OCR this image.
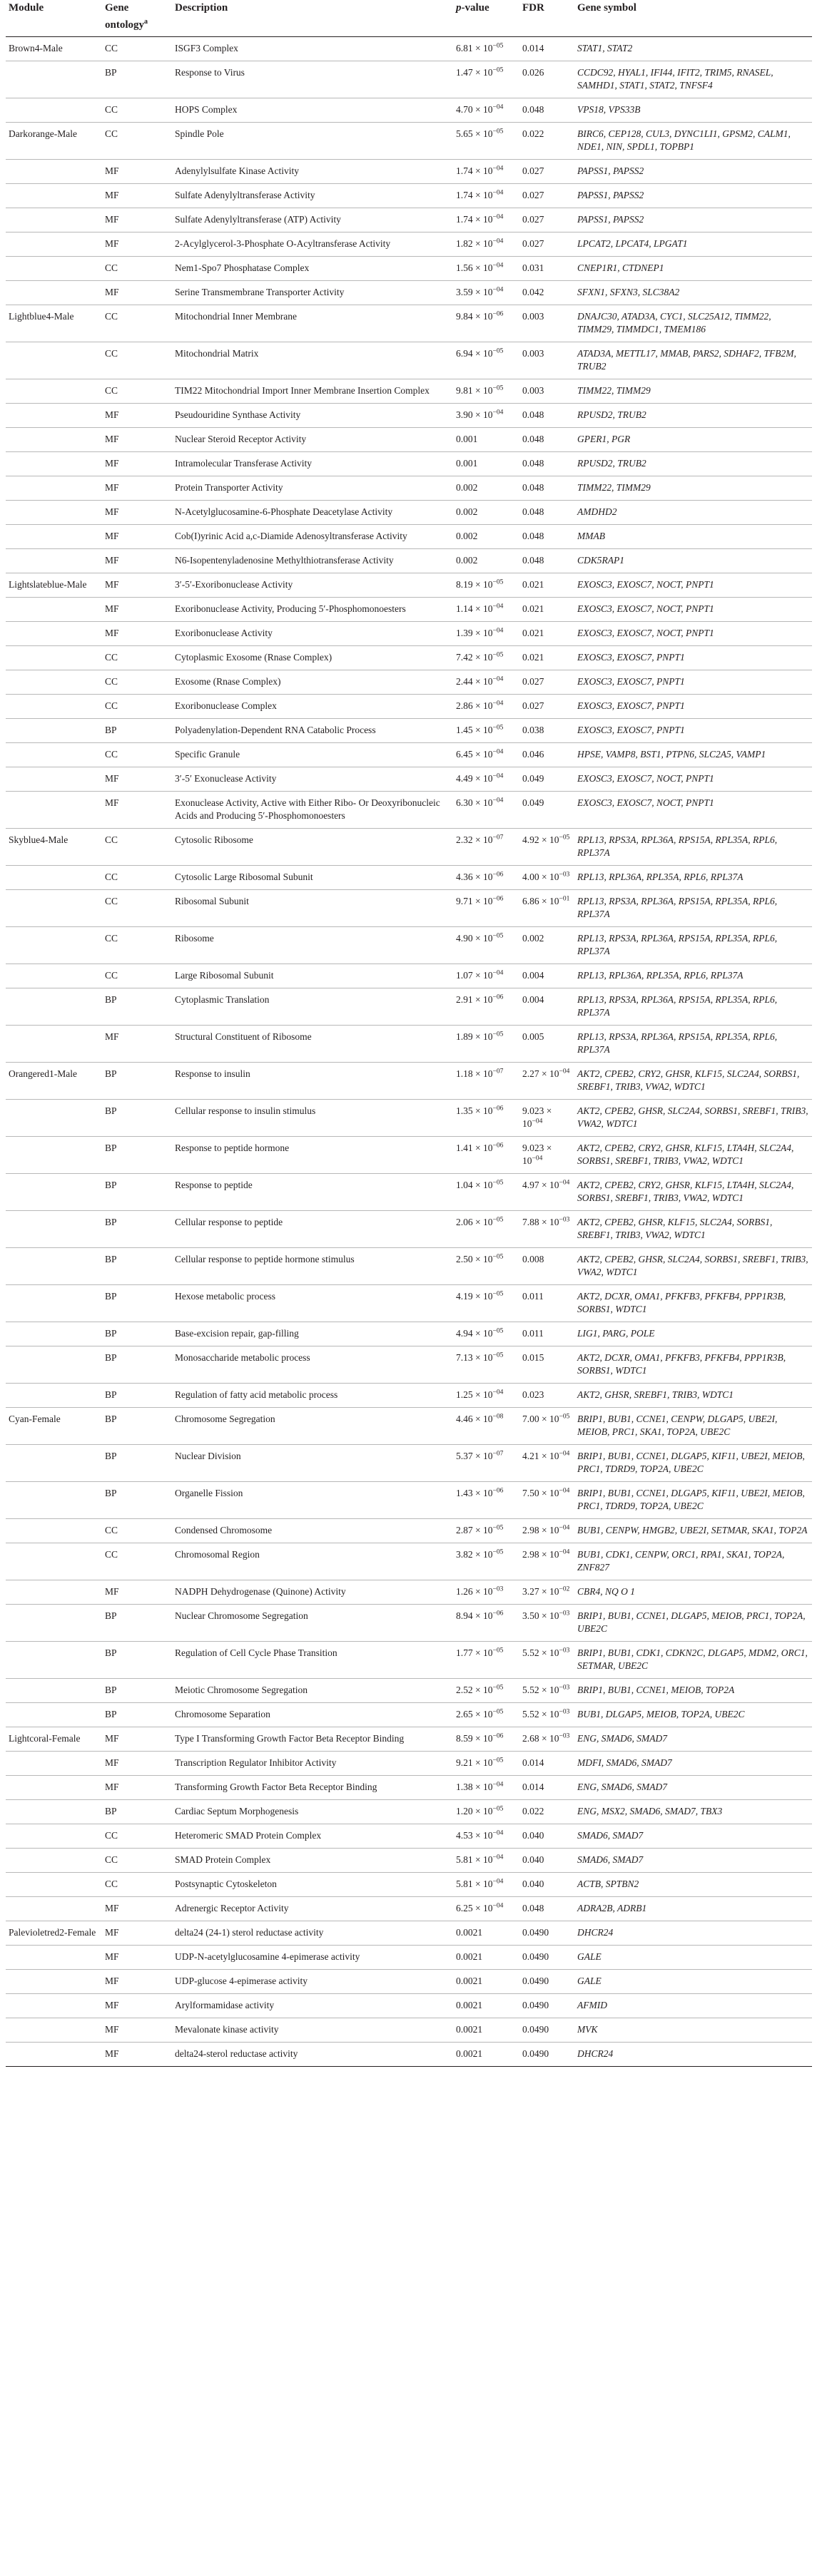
Module	Gene ontology$^a$	Description	p-value	FDR	Gene symbol
Brown4-Male	CC	ISGF3 Complex	$6.81 \times 10^{-05}$	0.014	STAT1, STAT2
	BP	Response to Virus	$1.47 \times 10^{-05}$	0.026	CCDC92, HYAL1, IFI44, IFIT2, TRIM5, RNASEL, SAMHD1, STAT1, STAT2, TNFSF4
	CC	HOPS Complex	$4.70 \times 10^{-04}$	0.048	VPS18, VPS33B
Darkorange-Male	CC	Spindle Pole	$5.65 \times 10^{-05}$	0.022	BIRC6, CEP128, CUL3, DYNC1LI1, GPSM2, CALM1, NDE1, NIN, SPDL1, TOPBP1
	MF	Adenylylsulfate Kinase Activity	$1.74 \times 10^{-04}$	0.027	PAPSS1, PAPSS2
	MF	Sulfate Adenylyltransferase Activity	$1.74 \times 10^{-04}$	0.027	PAPSS1, PAPSS2
	MF	Sulfate Adenylyltransferase (ATP) Activity	$1.74 \times 10^{-04}$	0.027	PAPSS1, PAPSS2
	MF	2-Acylglycerol-3-Phosphate O-Acyltransferase Activity	$1.82 \times 10^{-04}$	0.027	LPCAT2, LPCAT4, LPGAT1
	CC	Nem1-Spo7 Phosphatase Complex	$1.56 \times 10^{-04}$	0.031	CNEP1R1, CTDNEP1
	MF	Serine Transmembrane Transporter Activity	$3.59 \times 10^{-04}$	0.042	SFXN1, SFXN3, SLC38A2
Lightblue4-Male	CC	Mitochondrial Inner Membrane	$9.84 \times 10^{-06}$	0.003	DNAJC30, ATAD3A, CYC1, SLC25A12, TIMM22, TIMM29, TIMMDC1, TMEM186
	CC	Mitochondrial Matrix	$6.94 \times 10^{-05}$	0.003	ATAD3A, METTL17, MMAB, PARS2, SDHAF2, TFB2M, TRUB2
	CC	TIM22 Mitochondrial Import Inner Membrane Insertion Complex	$9.81 \times 10^{-05}$	0.003	TIMM22, TIMM29
	MF	Pseudouridine Synthase Activity	$3.90 \times 10^{-04}$	0.048	RPUSD2, TRUB2
	MF	Nuclear Steroid Receptor Activity	0.001	0.048	GPER1, PGR
	MF	Intramolecular Transferase Activity	0.001	0.048	RPUSD2, TRUB2
	MF	Protein Transporter Activity	0.002	0.048	TIMM22, TIMM29
	MF	N-Acetylglucosamine-6-Phosphate Deacetylase Activity	0.002	0.048	AMDHD2
	MF	Cob(I)yrinic Acid a,c-Diamide Adenosyltransferase Activity	0.002	0.048	MMAB
	MF	N6-Isopentenyladenosine Methylthiotransferase Activity	0.002	0.048	CDK5RAP1
Lightslateblue-Male	MF	3′-5′-Exoribonuclease Activity	$8.19 \times 10^{-05}$	0.021	EXOSC3, EXOSC7, NOCT, PNPT1
	MF	Exoribonuclease Activity, Producing 5′-Phosphomonoesters	$1.14 \times 10^{-04}$	0.021	EXOSC3, EXOSC7, NOCT, PNPT1
	MF	Exoribonuclease Activity	$1.39 \times 10^{-04}$	0.021	EXOSC3, EXOSC7, NOCT, PNPT1
	CC	Cytoplasmic Exosome (Rnase Complex)	$7.42 \times 10^{-05}$	0.021	EXOSC3, EXOSC7, PNPT1
	CC	Exosome (Rnase Complex)	$2.44 \times 10^{-04}$	0.027	EXOSC3, EXOSC7, PNPT1
	CC	Exoribonuclease Complex	$2.86 \times 10^{-04}$	0.027	EXOSC3, EXOSC7, PNPT1
	BP	Polyadenylation-Dependent RNA Catabolic Process	$1.45 \times 10^{-05}$	0.038	EXOSC3, EXOSC7, PNPT1
	CC	Specific Granule	$6.45 \times 10^{-04}$	0.046	HPSE, VAMP8, BST1, PTPN6, SLC2A5, VAMP1
	MF	3′-5′ Exonuclease Activity	$4.49 \times 10^{-04}$	0.049	EXOSC3, EXOSC7, NOCT, PNPT1
	MF	Exonuclease Activity, Active with Either Ribo- Or Deoxyribonucleic Acids and Producing 5′-Phosphomonoesters	$6.30 \times 10^{-04}$	0.049	EXOSC3, EXOSC7, NOCT, PNPT1
Skyblue4-Male	CC	Cytosolic Ribosome	$2.32 \times 10^{-07}$	$4.92 \times 10^{-05}$	RPL13, RPS3A, RPL36A, RPS15A, RPL35A, RPL6, RPL37A
	CC	Cytosolic Large Ribosomal Subunit	$4.36 \times 10^{-06}$	$4.00 \times 10^{-03}$	RPL13, RPL36A, RPL35A, RPL6, RPL37A
	CC	Ribosomal Subunit	$9.71 \times 10^{-06}$	$6.86 \times 10^{-01}$	RPL13, RPS3A, RPL36A, RPS15A, RPL35A, RPL6, RPL37A
	CC	Ribosome	$4.90 \times 10^{-05}$	0.002	RPL13, RPS3A, RPL36A, RPS15A, RPL35A, RPL6, RPL37A
	CC	Large Ribosomal Subunit	$1.07 \times 10^{-04}$	0.004	RPL13, RPL36A, RPL35A, RPL6, RPL37A
	BP	Cytoplasmic Translation	$2.91 \times 10^{-06}$	0.004	RPL13, RPS3A, RPL36A, RPS15A, RPL35A, RPL6, RPL37A
	MF	Structural Constituent of Ribosome	$1.89 \times 10^{-05}$	0.005	RPL13, RPS3A, RPL36A, RPS15A, RPL35A, RPL6, RPL37A
Orangered1-Male	BP	Response to insulin	$1.18 \times 10^{-07}$	$2.27 \times 10^{-04}$	AKT2, CPEB2, CRY2, GHSR, KLF15, SLC2A4, SORBS1, SREBF1, TRIB3, VWA2, WDTC1
	BP	Cellular response to insulin stimulus	$1.35 \times 10^{-06}$	$9.023 \times 10^{-04}$	AKT2, CPEB2, GHSR, SLC2A4, SORBS1, SREBF1, TRIB3, VWA2, WDTC1
	BP	Response to peptide hormone	$1.41 \times 10^{-06}$	$9.023 \times 10^{-04}$	AKT2, CPEB2, CRY2, GHSR, KLF15, LTA4H, SLC2A4, SORBS1, SREBF1, TRIB3, VWA2, WDTC1
	BP	Response to peptide	$1.04 \times 10^{-05}$	$4.97 \times 10^{-04}$	AKT2, CPEB2, CRY2, GHSR, KLF15, LTA4H, SLC2A4, SORBS1, SREBF1, TRIB3, VWA2, WDTC1
	BP	Cellular response to peptide	$2.06 \times 10^{-05}$	$7.88 \times 10^{-03}$	AKT2, CPEB2, GHSR, KLF15, SLC2A4, SORBS1, SREBF1, TRIB3, VWA2, WDTC1
	BP	Cellular response to peptide hormone stimulus	$2.50 \times 10^{-05}$	0.008	AKT2, CPEB2, GHSR, SLC2A4, SORBS1, SREBF1, TRIB3, VWA2, WDTC1
	BP	Hexose metabolic process	$4.19 \times 10^{-05}$	0.011	AKT2, DCXR, OMA1, PFKFB3, PFKFB4, PPP1R3B, SORBS1, WDTC1
	BP	Base-excision repair, gap-filling	$4.94 \times 10^{-05}$	0.011	LIG1, PARG, POLE
	BP	Monosaccharide metabolic process	$7.13 \times 10^{-05}$	0.015	AKT2, DCXR, OMA1, PFKFB3, PFKFB4, PPP1R3B, SORBS1, WDTC1
	BP	Regulation of fatty acid metabolic process	$1.25 \times 10^{-04}$	0.023	AKT2, GHSR, SREBF1, TRIB3, WDTC1
Cyan-Female	BP	Chromosome Segregation	$4.46 \times 10^{-08}$	$7.00 \times 10^{-05}$	BRIP1, BUB1, CCNE1, CENPW, DLGAP5, UBE2I, MEIOB, PRC1, SKA1, TOP2A, UBE2C
	BP	Nuclear Division	$5.37 \times 10^{-07}$	$4.21 \times 10^{-04}$	BRIP1, BUB1, CCNE1, DLGAP5, KIF11, UBE2I, MEIOB, PRC1, TDRD9, TOP2A, UBE2C
	BP	Organelle Fission	$1.43 \times 10^{-06}$	$7.50 \times 10^{-04}$	BRIP1, BUB1, CCNE1, DLGAP5, KIF11, UBE2I, MEIOB, PRC1, TDRD9, TOP2A, UBE2C
	CC	Condensed Chromosome	$2.87 \times 10^{-05}$	$2.98 \times 10^{-04}$	BUB1, CENPW, HMGB2, UBE2I, SETMAR, SKA1, TOP2A
	CC	Chromosomal Region	$3.82 \times 10^{-05}$	$2.98 \times 10^{-04}$	BUB1, CDK1, CENPW, ORC1, RPA1, SKA1, TOP2A, ZNF827
	MF	NADPH Dehydrogenase (Quinone) Activity	$1.26 \times 10^{-03}$	$3.27 \times 10^{-02}$	CBR4, NQ O 1
	BP	Nuclear Chromosome Segregation	$8.94 \times 10^{-06}$	$3.50 \times 10^{-03}$	BRIP1, BUB1, CCNE1, DLGAP5, MEIOB, PRC1, TOP2A, UBE2C
	BP	Regulation of Cell Cycle Phase Transition	$1.77 \times 10^{-05}$	$5.52 \times 10^{-03}$	BRIP1, BUB1, CDK1, CDKN2C, DLGAP5, MDM2, ORC1, SETMAR, UBE2C
	BP	Meiotic Chromosome Segregation	$2.52 \times 10^{-05}$	$5.52 \times 10^{-03}$	BRIP1, BUB1, CCNE1, MEIOB, TOP2A
	BP	Chromosome Separation	$2.65 \times 10^{-05}$	$5.52 \times 10^{-03}$	BUB1, DLGAP5, MEIOB, TOP2A, UBE2C
Lightcoral-Female	MF	Type I Transforming Growth Factor Beta Receptor Binding	$8.59 \times 10^{-06}$	$2.68 \times 10^{-03}$	ENG, SMAD6, SMAD7
	MF	Transcription Regulator Inhibitor Activity	$9.21 \times 10^{-05}$	0.014	MDFI, SMAD6, SMAD7
	MF	Transforming Growth Factor Beta Receptor Binding	$1.38 \times 10^{-04}$	0.014	ENG, SMAD6, SMAD7
	BP	Cardiac Septum Morphogenesis	$1.20 \times 10^{-05}$	0.022	ENG, MSX2, SMAD6, SMAD7, TBX3
	CC	Heteromeric SMAD Protein Complex	$4.53 \times 10^{-04}$	0.040	SMAD6, SMAD7
	CC	SMAD Protein Complex	$5.81 \times 10^{-04}$	0.040	SMAD6, SMAD7
	CC	Postsynaptic Cytoskeleton	$5.81 \times 10^{-04}$	0.040	ACTB, SPTBN2
	MF	Adrenergic Receptor Activity	$6.25 \times 10^{-04}$	0.048	ADRA2B, ADRB1
Palevioletred2-Female	MF	delta24 (24-1) sterol reductase activity	0.0021	0.0490	DHCR24
	MF	UDP-N-acetylglucosamine 4-epimerase activity	0.0021	0.0490	GALE
	MF	UDP-glucose 4-epimerase activity	0.0021	0.0490	GALE
	MF	Arylformamidase activity	0.0021	0.0490	AFMID
	MF	Mevalonate kinase activity	0.0021	0.0490	MVK
	MF	delta24-sterol reductase activity	0.0021	0.0490	DHCR24
